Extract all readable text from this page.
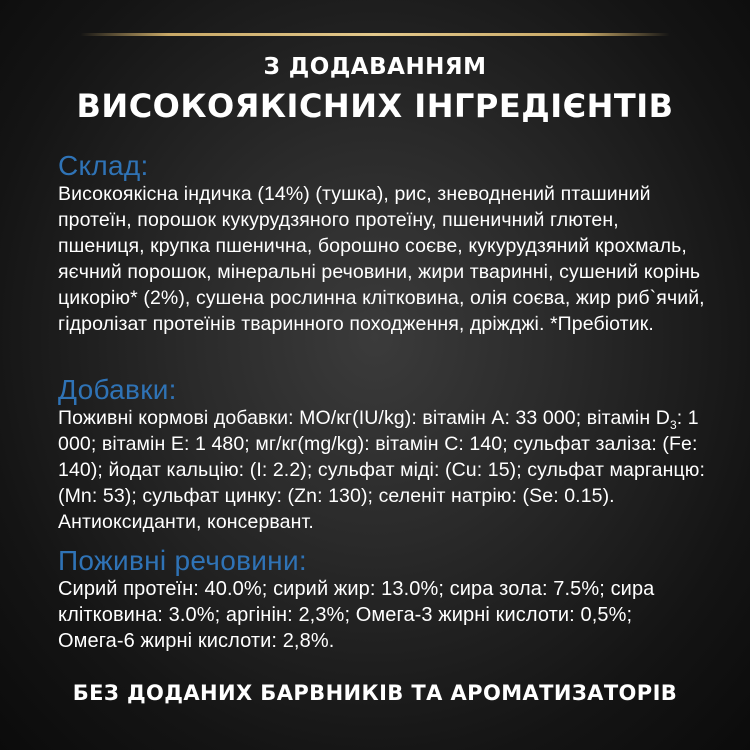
З ДОДАВАННЯМ
ВИСОКОЯКІСНИХ ІНГРЕДІЄНТІВ
Склад:

Високоякісна індичка (14%) (тушка), рис, зневоднений пташиний протеїн, порошок кукурудзяного протеїну, пшеничний глютен, пшениця, крупка пшенична, борошно соєве, кукурудзяний крохмаль, яєчний порошок, мінеральні речовини, жири тваринні, сушений корінь цикорію* (2%), сушена рослинна клітковина, олія соєва, жир риб`ячий, гідролізат протеїнів тваринного походження, дріжджі. *Пребіотик.

Добавки:

Поживні кормові добавки: МО/кг(IU/kg): вітамін А: 33 000; вітамін $D_3$: 1 000; вітамін Е: 1 480; мг/кг(mg/kg): вітамін С: 140; сульфат заліза: (Fe: 140); йодат кальцію: (I: 2.2); сульфат міді: (Cu: 15); сульфат марганцю: (Mn: 53); сульфат цинку: (Zn: 130); селеніт натрію: (Se: 0.15). Антиоксиданти, консервант.

Поживні речовини:

Сирий протеїн: 40.0%; сирий жир: 13.0%; сира зола: 7.5%; сира клітковина: 3.0%; аргінін: 2,3%; Омега-3 жирні кислоти: 0,5%; Омега-6 жирні кислоти: 2,8%.

БЕЗ ДОДАНИХ БАРВНИКІВ ТА АРОМАТИЗАТОРІВ
